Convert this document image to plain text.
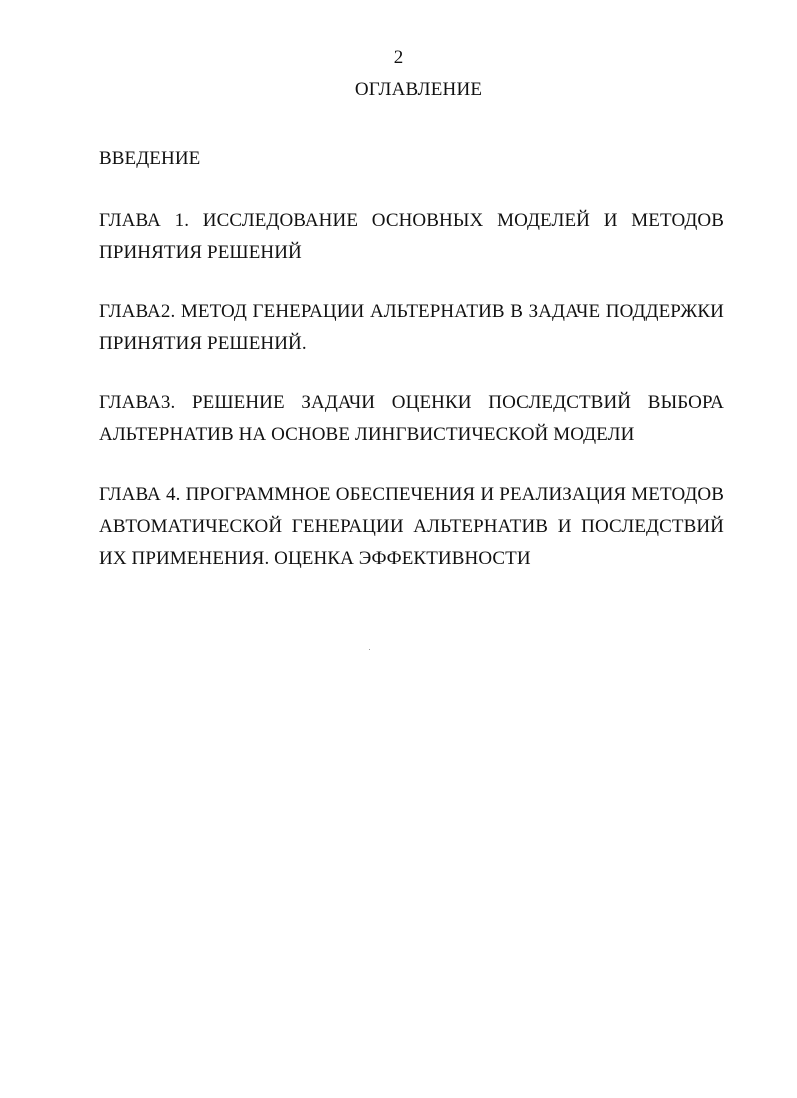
2
ОГЛАВЛЕНИЕ

ВВЕДЕНИЕ

ГЛАВА 1. ИССЛЕДОВАНИЕ ОСНОВНЫХ МОДЕЛЕЙ И МЕТОДОВ ПРИНЯТИЯ РЕШЕНИЙ

ГЛАВА2. МЕТОД ГЕНЕРАЦИИ АЛЬТЕРНАТИВ В ЗАДАЧЕ ПОДДЕРЖКИ ПРИНЯТИЯ РЕШЕНИЙ.

ГЛАВА3. РЕШЕНИЕ ЗАДАЧИ ОЦЕНКИ ПОСЛЕДСТВИЙ ВЫБОРА АЛЬТЕРНАТИВ НА ОСНОВЕ ЛИНГВИСТИЧЕСКОЙ МОДЕЛИ

ГЛАВА 4. ПРОГРАММНОЕ ОБЕСПЕЧЕНИЯ И РЕАЛИЗАЦИЯ МЕТОДОВ АВТОМАТИЧЕСКОЙ ГЕНЕРАЦИИ АЛЬТЕРНАТИВ И ПОСЛЕДСТВИЙ ИХ ПРИМЕНЕНИЯ. ОЦЕНКА ЭФФЕКТИВНОСТИ
